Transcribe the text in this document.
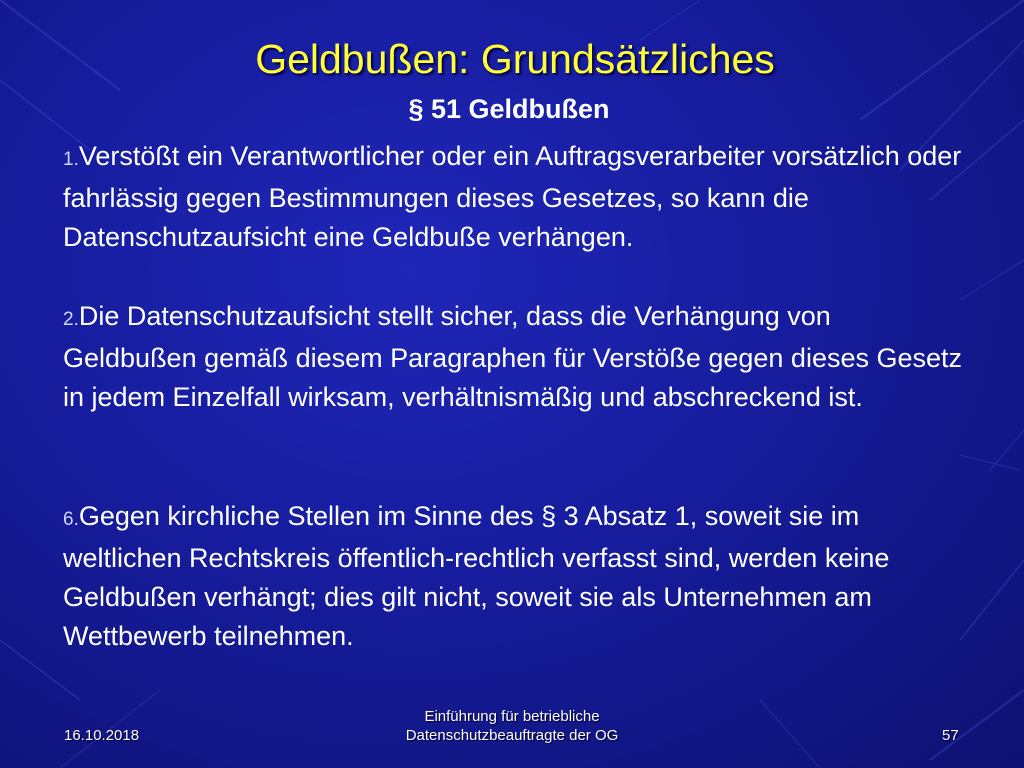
Geldbußen: Grundsätzliches
§ 51 Geldbußen
1.Verstößt ein Verantwortlicher oder ein Auftragsverarbeiter vorsätzlich oder fahrlässig gegen Bestimmungen dieses Gesetzes, so kann die Datenschutzaufsicht eine Geldbuße verhängen.
2.Die Datenschutzaufsicht stellt sicher, dass die Verhängung von Geldbußen gemäß diesem Paragraphen für Verstöße gegen dieses Gesetz in jedem Einzelfall wirksam, verhältnismäßig und abschreckend ist.
6.Gegen kirchliche Stellen im Sinne des § 3 Absatz 1, soweit sie im weltlichen Rechtskreis öffentlich-rechtlich verfasst sind, werden keine Geldbußen verhängt; dies gilt nicht, soweit sie als Unternehmen am Wettbewerb teilnehmen.
16.10.2018
Einführung für betriebliche
Datenschutzbeauftragte der OG	57
